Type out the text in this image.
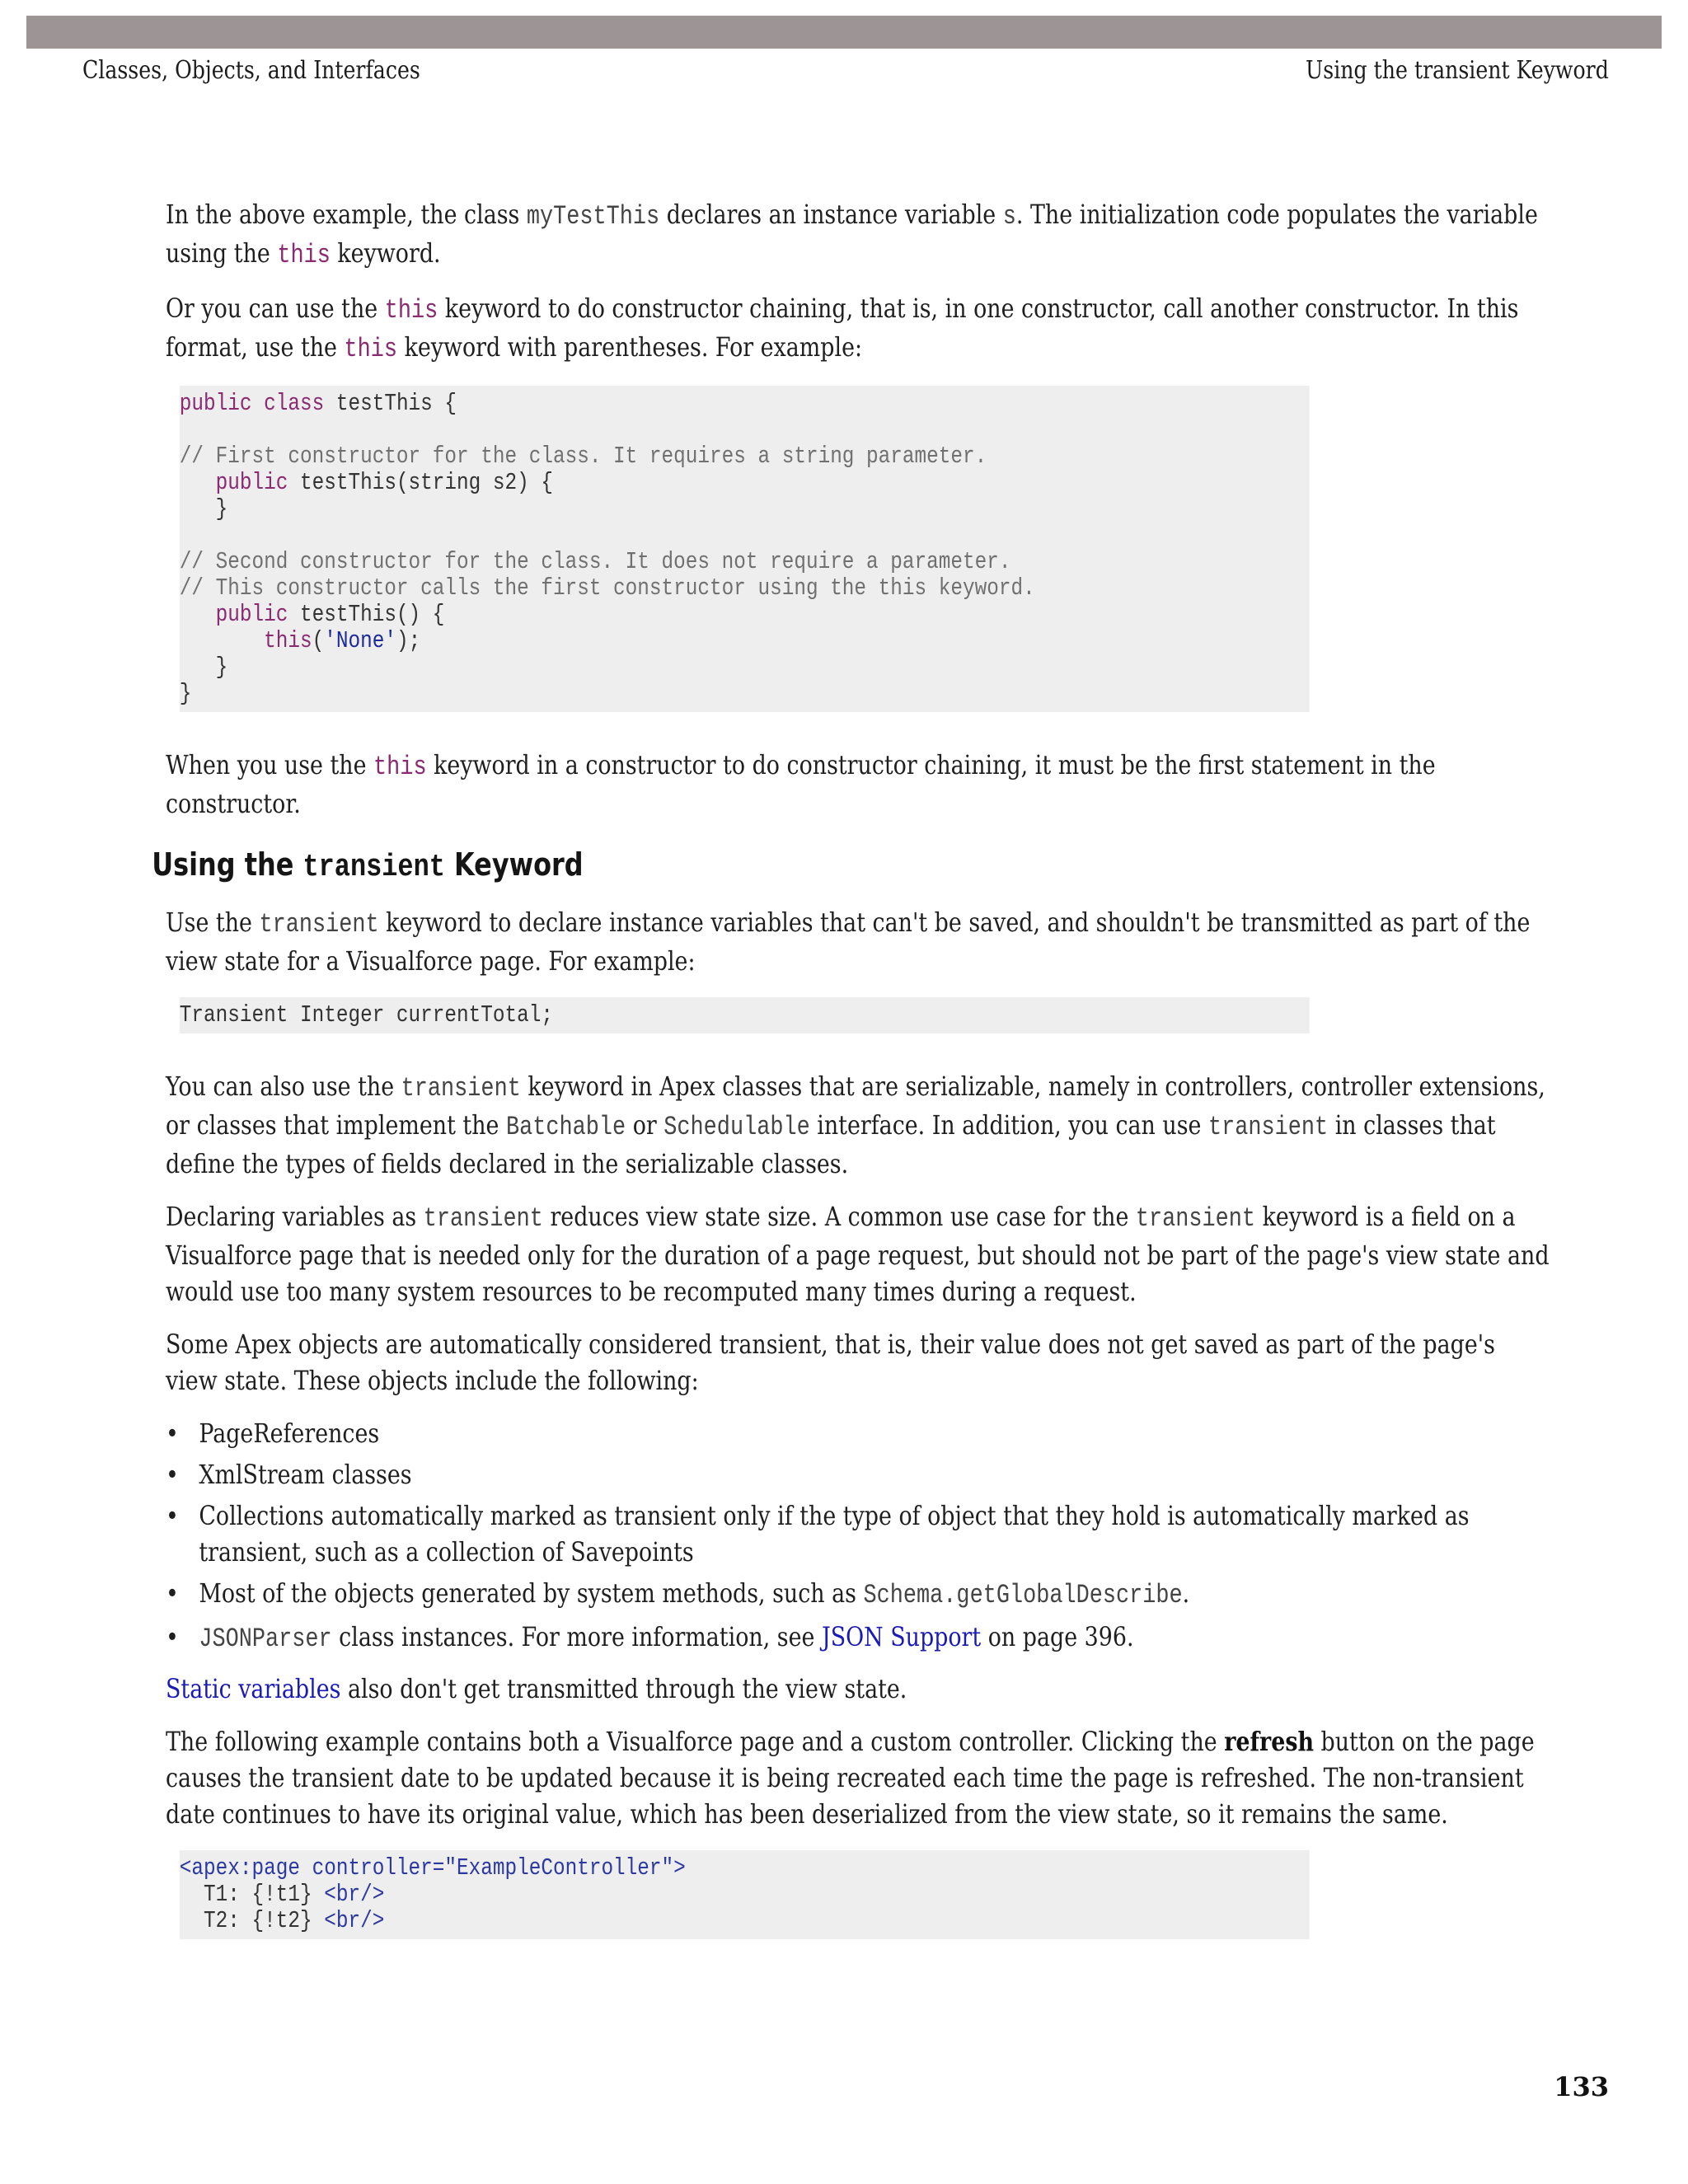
Classes, Objects, and Interfaces	Using the transient Keyword

In the above example, the class myTestThis declares an instance variable s. The initialization code populates the variable using the this keyword.

Or you can use the this keyword to do constructor chaining, that is, in one constructor, call another constructor. In this format, use the this keyword with parentheses. For example:

public class testThis {
// First constructor for the class. It requires a string parameter.
public testThis(string s2) {
}
// Second constructor for the class. It does not require a parameter.
// This constructor calls the first constructor using the this keyword.
public testThis() {
this('None');
}
}

When you use the this keyword in a constructor to do constructor chaining, it must be the first statement in the constructor.

Using the transient Keyword

Use the transient keyword to declare instance variables that can't be saved, and shouldn't be transmitted as part of the view state for a Visualforce page. For example:

Transient Integer currentTotal;

You can also use the transient keyword in Apex classes that are serializable, namely in controllers, controller extensions, or classes that implement the Batchable or Schedulable interface. In addition, you can use transient in classes that define the types of fields declared in the serializable classes.

Declaring variables as transient reduces view state size. A common use case for the transient keyword is a field on a Visualforce page that is needed only for the duration of a page request, but should not be part of the page's view state and would use too many system resources to be recomputed many times during a request.

Some Apex objects are automatically considered transient, that is, their value does not get saved as part of the page's view state. These objects include the following:

• PageReferences
• XmlStream classes
• Collections automatically marked as transient only if the type of object that they hold is automatically marked as transient, such as a collection of Savepoints
• Most of the objects generated by system methods, such as Schema.getGlobalDescribe.
• JSONParser class instances. For more information, see JSON Support on page 396.

Static variables also don't get transmitted through the view state.

The following example contains both a Visualforce page and a custom controller. Clicking the refresh button on the page causes the transient date to be updated because it is being recreated each time the page is refreshed. The non-transient date continues to have its original value, which has been deserialized from the view state, so it remains the same.

<apex:page controller="ExampleController">
T1: {!t1} <br/>
T2: {!t2} <br/>
133
